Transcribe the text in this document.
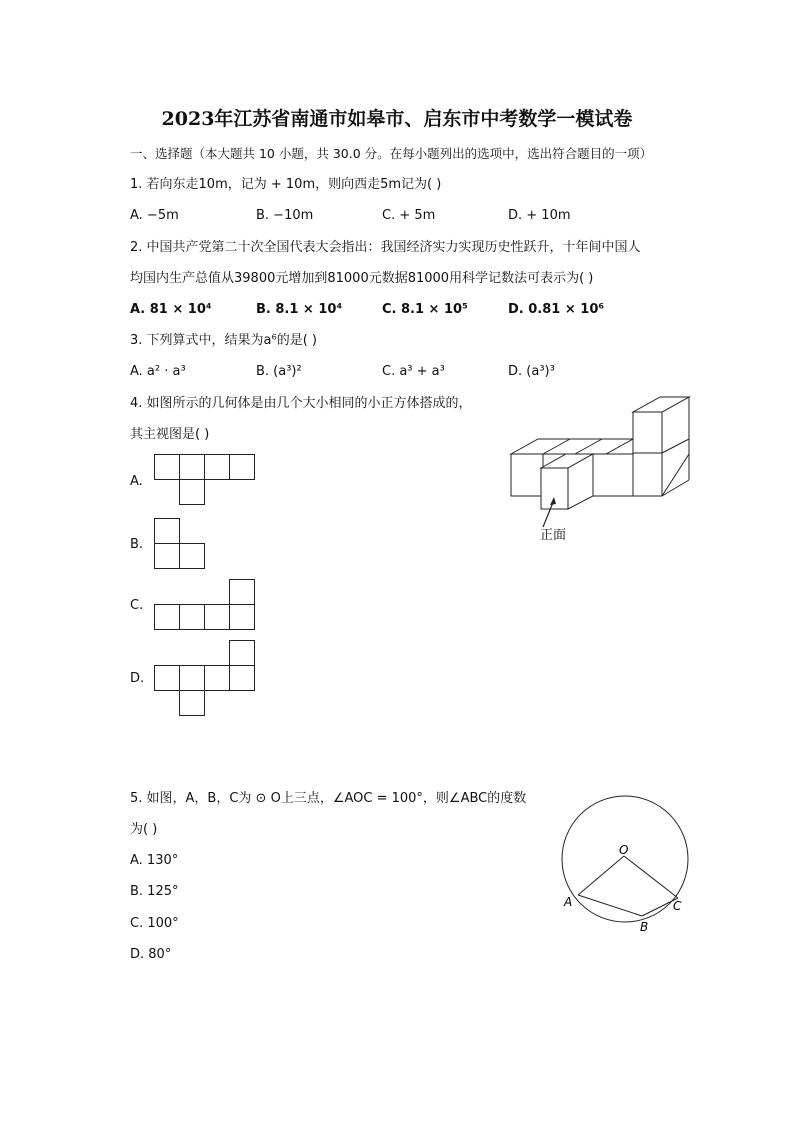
2023年江苏省南通市如皋市、启东市中考数学一模试卷
一、选择题（本大题共 10 小题，共 30.0 分。在每小题列出的选项中，选出符合题目的一项）
1. 若向东走10m，记为 + 10m，则向西走5m记为( )
A. −5m	B. −10m	C. + 5m	D. + 10m
2. 中国共产党第二十次全国代表大会指出：我国经济实力实现历史性跃升，十年间中国人
均国内生产总值从39800元增加到81000元数据81000用科学记数法可表示为( )
A. 81 × 10⁴	B. 8.1 × 10⁴	C. 8.1 × 10⁵	D. 0.81 × 10⁶
3. 下列算式中，结果为a⁶的是( )
A. a² · a³	B. (a³)²	C. a³ + a³	D. (a³)³
4. 如图所示的几何体是由几个大小相同的小正方体搭成的，
其主视图是( )
A.
B.
C.
D.
正面
5. 如图，A，B，C为 ⊙ O上三点，∠AOC = 100°，则∠ABC的度数
为( )
A. 130°
B. 125°
C. 100°
D. 80°
O
A
B
C
